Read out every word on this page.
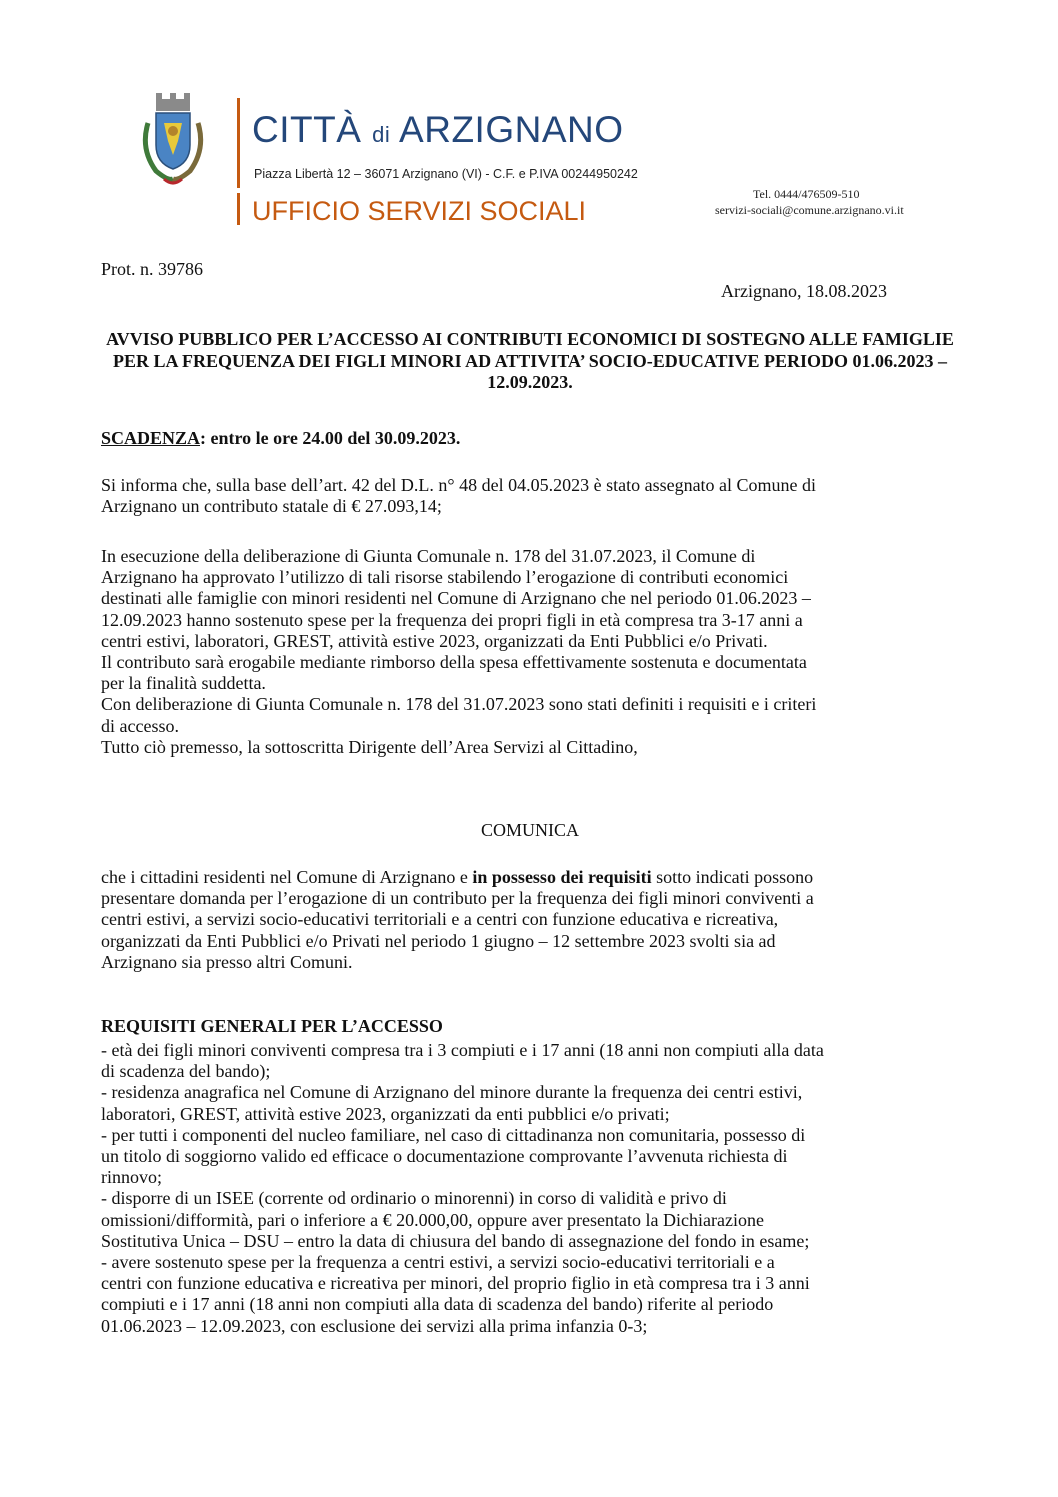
CITTÀ di ARZIGNANO
Piazza Libertà 12 – 36071 Arzignano (VI) - C.F. e P.IVA 00244950242
UFFICIO SERVIZI SOCIALI
Tel. 0444/476509-510
servizi-sociali@comune.arzignano.vi.it
Prot. n. 39786
Arzignano, 18.08.2023
AVVISO PUBBLICO PER L’ACCESSO AI CONTRIBUTI ECONOMICI DI SOSTEGNO ALLE FAMIGLIE PER LA FREQUENZA DEI FIGLI MINORI AD ATTIVITA’ SOCIO-EDUCATIVE PERIODO 01.06.2023 – 12.09.2023.
SCADENZA: entro le ore 24.00 del 30.09.2023.
Si informa che, sulla base dell’art. 42 del D.L. n° 48 del 04.05.2023 è stato assegnato al Comune di
Arzignano un contributo statale di € 27.093,14;
In esecuzione della deliberazione di Giunta Comunale n. 178 del 31.07.2023, il Comune di
Arzignano ha approvato l’utilizzo di tali risorse stabilendo l’erogazione di contributi economici
destinati alle famiglie con minori residenti nel Comune di Arzignano che nel periodo 01.06.2023 –
12.09.2023 hanno sostenuto spese per la frequenza dei propri figli in età compresa tra 3-17 anni a
centri estivi, laboratori, GREST, attività estive 2023, organizzati da Enti Pubblici e/o Privati.
Il contributo sarà erogabile mediante rimborso della spesa effettivamente sostenuta e documentata
per la finalità suddetta.
Con deliberazione di Giunta Comunale n. 178 del 31.07.2023 sono stati definiti i requisiti e i criteri
di accesso.
Tutto ciò premesso, la sottoscritta Dirigente dell’Area Servizi al Cittadino,
COMUNICA
che i cittadini residenti nel Comune di Arzignano e in possesso dei requisiti sotto indicati possono
presentare domanda per l’erogazione di un contributo per la frequenza dei figli minori conviventi a
centri estivi, a servizi socio-educativi territoriali e a centri con funzione educativa e ricreativa,
organizzati da Enti Pubblici e/o Privati nel periodo 1 giugno – 12 settembre 2023 svolti sia ad
Arzignano sia presso altri Comuni.
REQUISITI GENERALI PER L’ACCESSO
- età dei figli minori conviventi compresa tra i 3 compiuti e i 17 anni (18 anni non compiuti alla data
di scadenza del bando);
- residenza anagrafica nel Comune di Arzignano del minore durante la frequenza dei centri estivi,
laboratori, GREST, attività estive 2023, organizzati da enti pubblici e/o privati;
- per tutti i componenti del nucleo familiare, nel caso di cittadinanza non comunitaria, possesso di
un titolo di soggiorno valido ed efficace o documentazione comprovante l’avvenuta richiesta di
rinnovo;
- disporre di un ISEE (corrente od ordinario o minorenni) in corso di validità e privo di
omissioni/difformità, pari o inferiore a € 20.000,00, oppure aver presentato la Dichiarazione
Sostitutiva Unica – DSU – entro la data di chiusura del bando di assegnazione del fondo in esame;
- avere sostenuto spese per la frequenza a centri estivi, a servizi socio-educativi territoriali e a
centri con funzione educativa e ricreativa per minori, del proprio figlio in età compresa tra i 3 anni
compiuti e i 17 anni (18 anni non compiuti alla data di scadenza del bando) riferite al periodo
01.06.2023 – 12.09.2023, con esclusione dei servizi alla prima infanzia 0-3;
